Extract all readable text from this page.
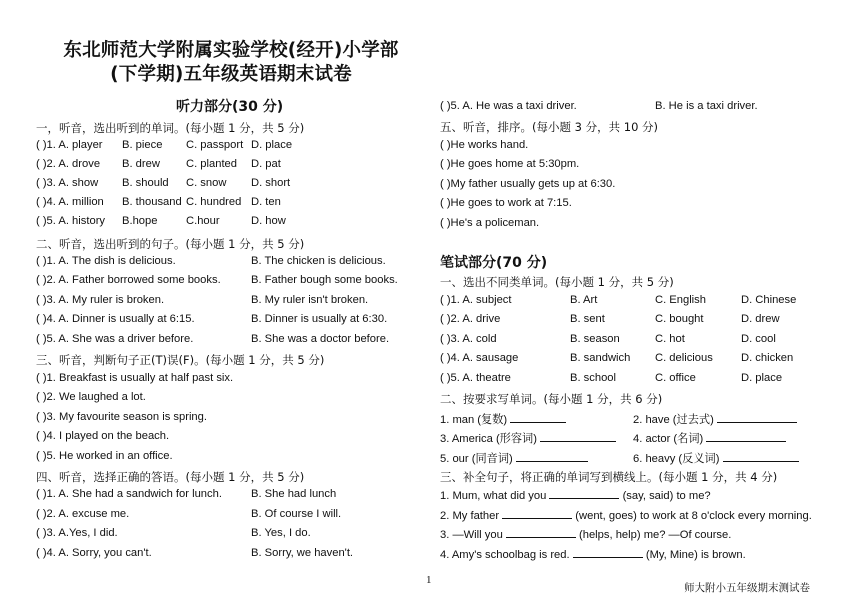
东北师范大学附属实验学校(经开)小学部
(下学期)五年级英语期末试卷
听力部分(30 分)
一，听音，选出听到的单词。(每小题 1 分，共 5 分)
( )1. A. player B. piece C. passport D. place
( )2. A. drove B. drew C. planted D. pat
( )3. A. show B. should C. snow D. short
( )4. A. million B. thousand C. hundred D. ten
( )5. A. history B.hope	C.hour	D. how
二、听音，选出听到的句子。(每小题 1 分，共 5 分)
( )1. A. The dish is delicious.	B. The chicken is delicious.
( )2. A. Father borrowed some books.	B. Father bough some books.
( )3. A. My ruler is broken.	B. My ruler isn't broken.
( )4. A. Dinner is usually at 6:15.	B. Dinner is usually at 6:30.
( )5. A. She was a driver before.	B. She was a doctor before.
三、听音，判断句子正(T)误(F)。(每小题 1 分，共 5 分)
( )1. Breakfast is usually at half past six.
( )2. We laughed a lot.
( )3. My favourite season is spring.
( )4. I played on the beach.
( )5. He worked in an office.
四、听音，选择正确的答语。(每小题 1 分，共 5 分)
( )1. A. She had a sandwich for lunch.	B. She had lunch
( )2. A. excuse me.	B. Of course I will.
( )3. A.Yes, I did.	B. Yes, I do.
( )4. A. Sorry, you can't.	B. Sorry, we haven't.
( )5. A. He was a taxi driver.	B. He is a taxi driver.
五、听音，排序。(每小题 3 分，共 10 分)
( )He works hand.
( )He goes home at 5:30pm.
( )My father usually gets up at 6:30.
( )He goes to work at 7:15.
( )He's a policeman.
笔试部分(70 分)
一、选出不同类单词。(每小题 1 分，共 5 分)
( )1. A. subject	B. Art	C. English	D. Chinese
( )2. A. drive	B. sent	C. bought	D. drew
( )3. A. cold	B. season	C. hot	D. cool
( )4. A. sausage	B. sandwich C. delicious	D. chicken
( )5. A. theatre	B. school	C. office	D. place
二、按要求写单词。(每小题 1 分，共 6 分)
1. man (复数)	2. have (过去式)
3. America (形容词)	4. actor (名词)
5. our (同音词)	6. heavy (反义词)
三、补全句子，将正确的单词写到横线上。(每小题 1 分，共 4 分)
1. Mum, what did you	(say, said) to me?
2. My father	(went, goes) to work at 8 o'clock every morning.
3. —Will you	(helps, help) me? —Of course.
4. Amy's schoolbag is red.	(My, Mine) is brown.
1
师大附小五年级期末测试卷
